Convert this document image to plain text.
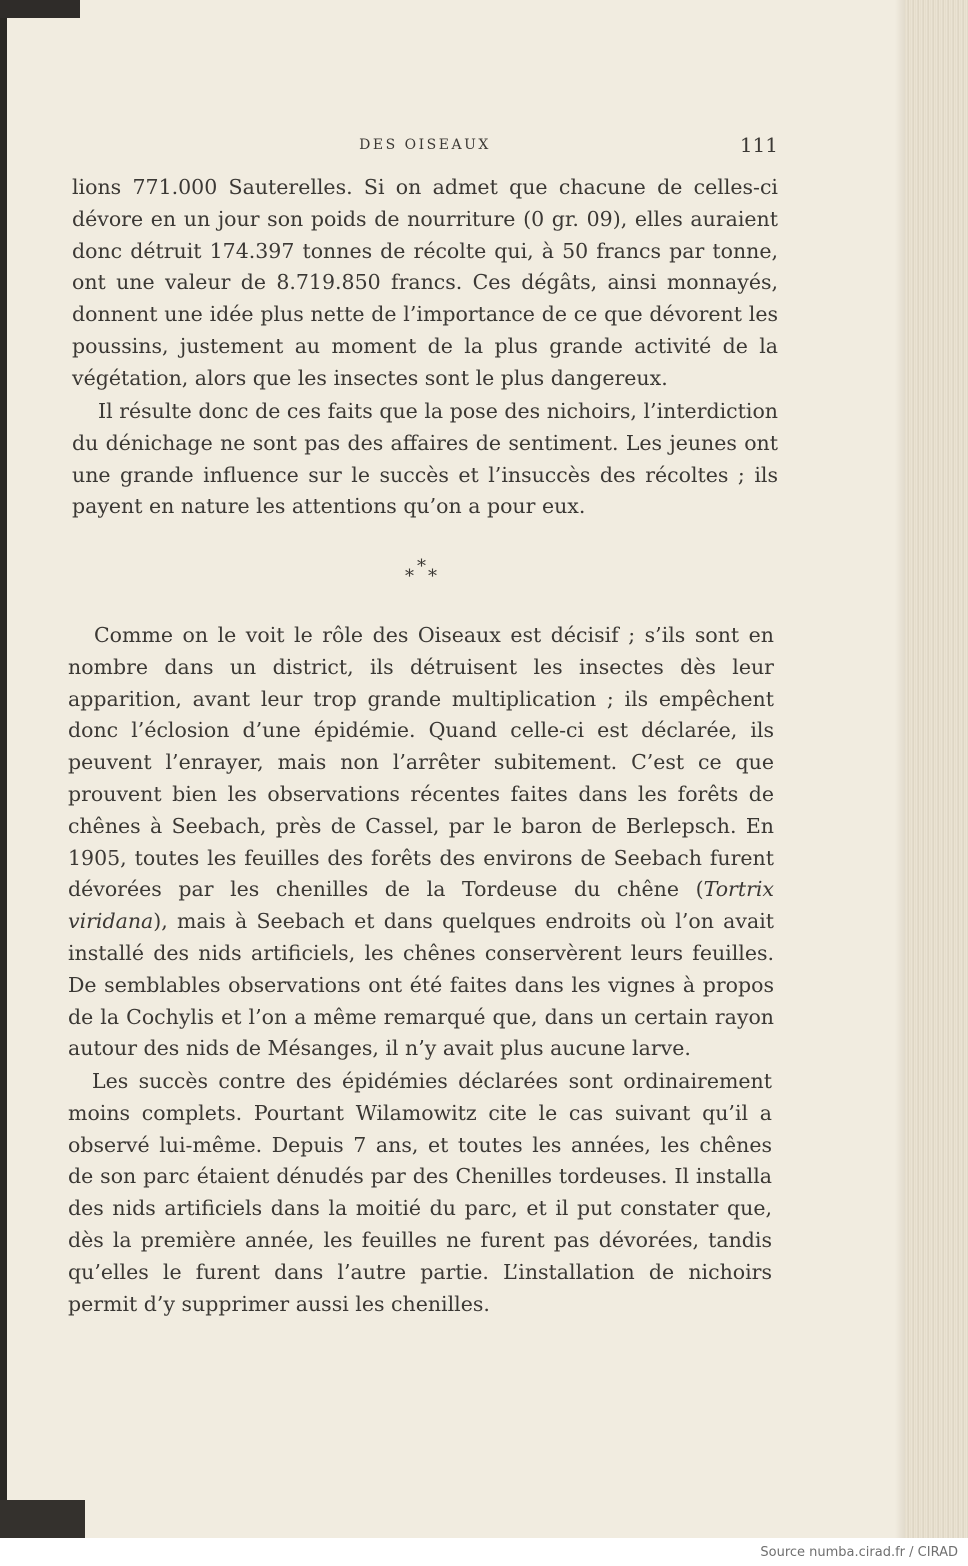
DES OISEAUX	111

lions 771.000 Sauterelles. Si on admet que chacune de celles-ci dévore en un jour son poids de nourriture (0 gr. 09), elles auraient donc détruit 174.397 tonnes de récolte qui, à 50 francs par tonne, ont une valeur de 8.719.850 francs. Ces dégâts, ainsi monnayés, donnent une idée plus nette de l’importance de ce que dévorent les poussins, justement au moment de la plus grande activité de la végétation, alors que les insectes sont le plus dangereux.

Il résulte donc de ces faits que la pose des nichoirs, l’interdiction du dénichage ne sont pas des affaires de sentiment. Les jeunes ont une grande influence sur le succès et l’insuccès des récoltes ; ils payent en nature les attentions qu’on a pour eux.

*
* *

Comme on le voit le rôle des Oiseaux est décisif ; s’ils sont en nombre dans un district, ils détruisent les insectes dès leur apparition, avant leur trop grande multiplication ; ils empêchent donc l’éclosion d’une épidémie. Quand celle-ci est déclarée, ils peuvent l’enrayer, mais non l’arrêter subitement. C’est ce que prouvent bien les observations récentes faites dans les forêts de chênes à Seebach, près de Cassel, par le baron de Berlepsch. En 1905, toutes les feuilles des forêts des environs de Seebach furent dévorées par les chenilles de la Tordeuse du chêne (Tortrix viridana), mais à Seebach et dans quelques endroits où l’on avait installé des nids artificiels, les chênes conservèrent leurs feuilles. De semblables observations ont été faites dans les vignes à propos de la Cochylis et l’on a même remarqué que, dans un certain rayon autour des nids de Mésanges, il n’y avait plus aucune larve.

Les succès contre des épidémies déclarées sont ordinairement moins complets. Pourtant Wilamowitz cite le cas suivant qu’il a observé lui-même. Depuis 7 ans, et toutes les années, les chênes de son parc étaient dénudés par des Chenilles tordeuses. Il installa des nids artificiels dans la moitié du parc, et il put constater que, dès la première année, les feuilles ne furent pas dévorées, tandis qu’elles le furent dans l’autre partie. L’installation de nichoirs permit d’y supprimer aussi les chenilles.

Source numba.cirad.fr / CIRAD
